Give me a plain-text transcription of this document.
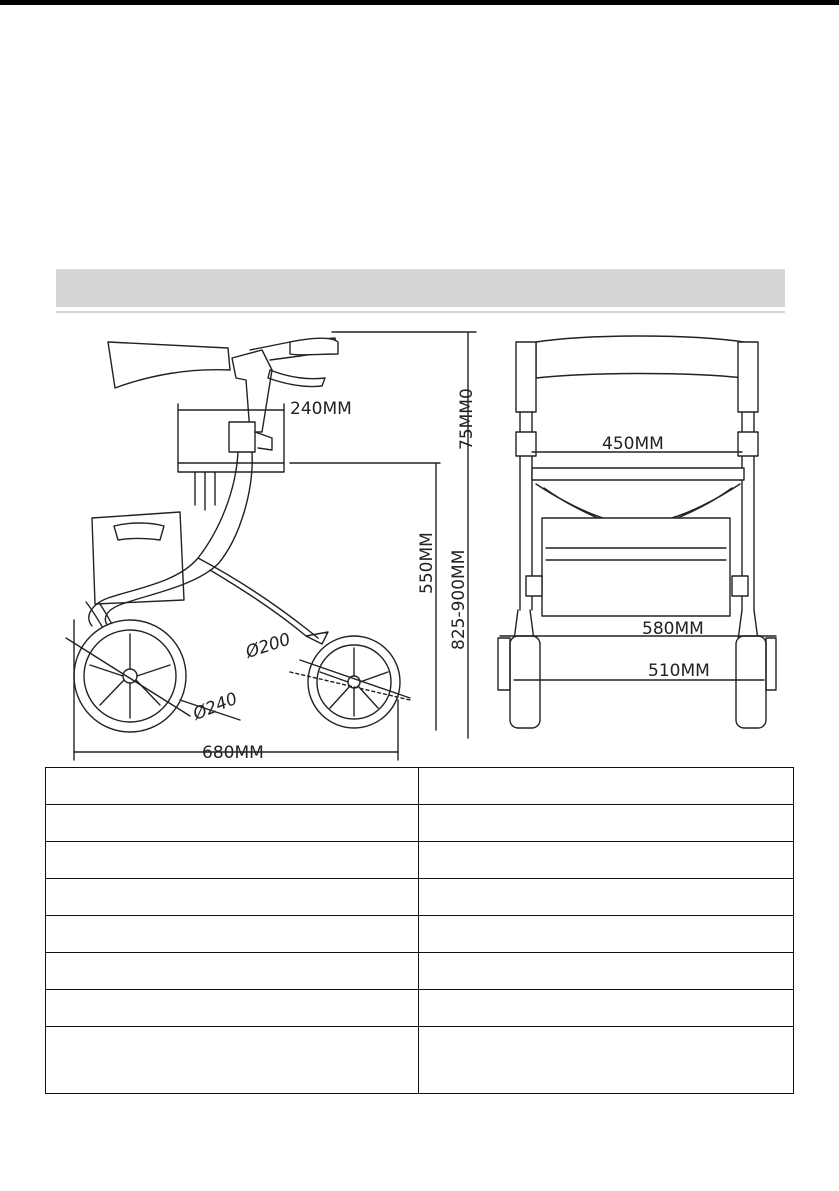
240MM	75MM0
550MM 825-900MM
Ø200
Ø240
680MM
450MM
580MM
510MM
